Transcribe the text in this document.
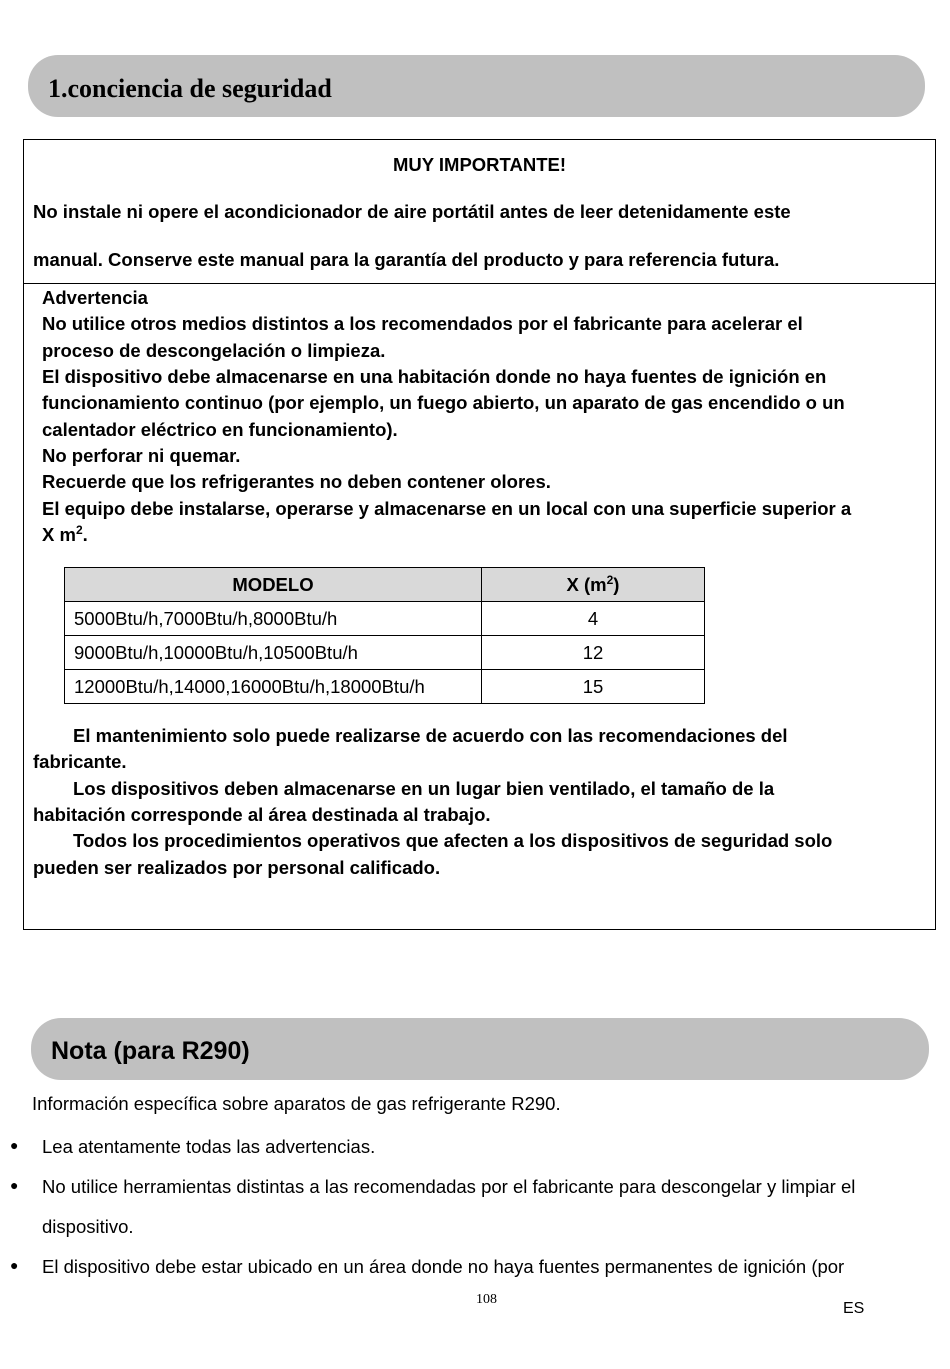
1.conciencia de seguridad
MUY IMPORTANTE!
No instale ni opere el acondicionador de aire portátil antes de leer detenidamente este
manual. Conserve este manual para la garantía del producto y para referencia futura.
Advertencia
No utilice otros medios distintos a los recomendados por el fabricante para acelerar el
proceso de descongelación o limpieza.
El dispositivo debe almacenarse en una habitación donde no haya fuentes de ignición en
funcionamiento continuo (por ejemplo, un fuego abierto, un aparato de gas encendido o un
calentador eléctrico en funcionamiento).
No perforar ni quemar.
Recuerde que los refrigerantes no deben contener olores.
El equipo debe instalarse, operarse y almacenarse en un local con una superficie superior a
X $m^2$.
MODELO	X $(m^2)$
5000Btu/h,7000Btu/h,8000Btu/h	4
9000Btu/h,10000Btu/h,10500Btu/h	12
12000Btu/h,14000,16000Btu/h,18000Btu/h	15
El mantenimiento solo puede realizarse de acuerdo con las recomendaciones del
fabricante.
Los dispositivos deben almacenarse en un lugar bien ventilado, el tamaño de la
habitación corresponde al área destinada al trabajo.
Todos los procedimientos operativos que afecten a los dispositivos de seguridad solo
pueden ser realizados por personal calificado.
Nota (para R290)
Información específica sobre aparatos de gas refrigerante R290.
● Lea atentamente todas las advertencias.
● No utilice herramientas distintas a las recomendadas por el fabricante para descongelar y limpiar el
dispositivo.
● El dispositivo debe estar ubicado en un área donde no haya fuentes permanentes de ignición (por
108
ES
